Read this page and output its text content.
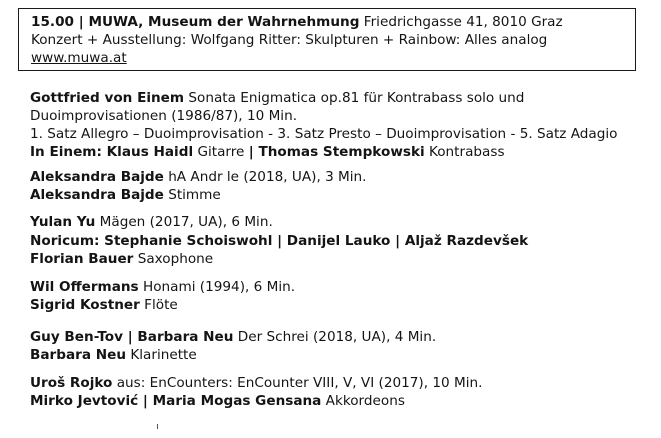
15.00 | MUWA, Museum der Wahrnehmung Friedrichgasse 41, 8010 Graz
Konzert + Ausstellung: Wolfgang Ritter: Skulpturen + Rainbow: Alles analog
www.muwa.at
Gottfried von Einem Sonata Enigmatica op.81 für Kontrabass solo und
Duoimprovisationen (1986/87), 10 Min.
1. Satz Allegro – Duoimprovisation - 3. Satz Presto – Duoimprovisation - 5. Satz Adagio
In Einem: Klaus Haidl Gitarre | Thomas Stempkowski Kontrabass
Aleksandra Bajde hA Andr le (2018, UA), 3 Min.
Aleksandra Bajde Stimme
Yulan Yu Mägen (2017, UA), 6 Min.
Noricum: Stephanie Schoiswohl | Danijel Lauko | Aljaž Razdevšek
Florian Bauer Saxophone
Wil Offermans Honami (1994), 6 Min.
Sigrid Kostner Flöte
Guy Ben-Tov | Barbara Neu Der Schrei (2018, UA), 4 Min.
Barbara Neu Klarinette
Uroš Rojko aus: EnCounters: EnCounter VIII, V, VI (2017), 10 Min.
Mirko Jevtović | Maria Mogas Gensana Akkordeons
